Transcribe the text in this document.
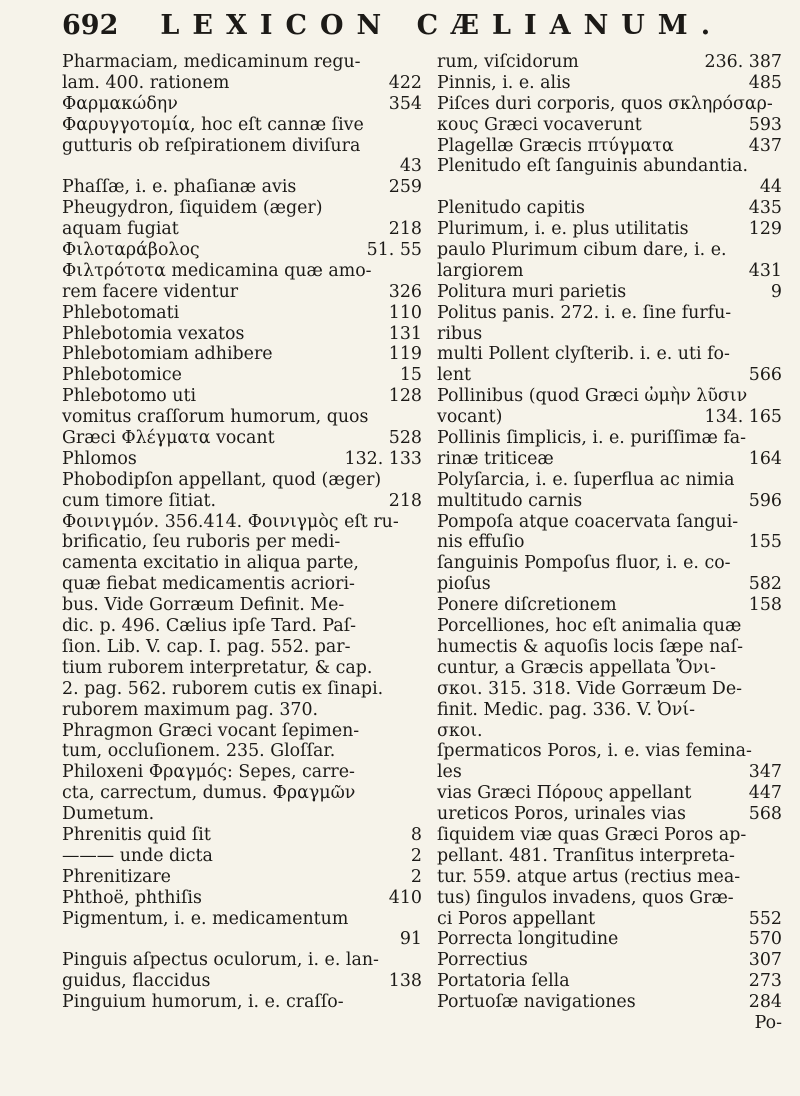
692 LEXICON CÆLIANUM.
Pharmaciam, medicaminum regu-
lam. 400. rationem	422
Φαρμακώδην	354
Φαρυγγοτομία, hoc eſt cannæ ſive
gutturis ob reſpirationem diviſura
43
Phaſſæ, i. e. phaſianæ avis	259
Pheugydron, ſiquidem (æger)
aquam fugiat	218
Φιλοταράβολος	51. 55
Φιλτρότοτα medicamina quæ amo-
rem facere videntur	326
Phlebotomati	110
Phlebotomia vexatos	131
Phlebotomiam adhibere	119
Phlebotomice	15
Phlebotomo uti	128
vomitus craſſorum humorum, quos
Græci Φλέγματα vocant	528
Phlomos	132. 133
Phobodipſon appellant, quod (æger)
cum timore ſitiat.	218
Φοινιγμόν. 356.414. Φοινιγμὸς eſt ru-
brificatio, ſeu ruboris per medi-
camenta excitatio in aliqua parte,
quæ fiebat medicamentis acriori-
bus. Vide Gorræum Definit. Me-
dic. p. 496. Cælius ipſe Tard. Paſ-
ſion. Lib. V. cap. I. pag. 552. par-
tium ruborem interpretatur, & cap.
2. pag. 562. ruborem cutis ex ſinapi.
ruborem maximum pag. 370.
Phragmon Græci vocant ſepimen-
tum, occluſionem. 235. Gloſſar.
Philoxeni Φραγμός: Sepes, carre-
cta, carrectum, dumus. Φραγμῶν
Dumetum.
Phrenitis quid ſit	8
——— unde dicta	2
Phrenitizare	2
Phthoë, phthiſis	410
Pigmentum, i. e. medicamentum
91
Pinguis aſpectus oculorum, i. e. lan-
guidus, flaccidus	138
Pinguium humorum, i. e. craſſo-
rum, viſcidorum	236. 387
Pinnis, i. e. alis	485
Piſces duri corporis, quos σκληρόσαρ-
κους Græci vocaverunt	593
Plagellæ Græcis πτύγματα	437
Plenitudo eſt ſanguinis abundantia.
44
Plenitudo capitis	435
Plurimum, i. e. plus utilitatis	129
paulo Plurimum cibum dare, i. e.
largiorem	431
Politura muri parietis	9
Politus panis. 272. i. e. ſine furfu-
ribus
multi Pollent clyſterib. i. e. uti fo-
lent	566
Pollinibus (quod Græci ὠμὴν λῦσιν
vocant)	134. 165
Pollinis ſimplicis, i. e. puriſſimæ fa-
rinæ triticeæ	164
Polyſarcia, i. e. ſuperflua ac nimia
multitudo carnis	596
Pompoſa atque coacervata ſangui-
nis effuſio	155
ſanguinis Pompoſus fluor, i. e. co-
pioſus	582
Ponere diſcretionem	158
Porcelliones, hoc eſt animalia quæ
humectis & aquoſis locis ſæpe naſ-
cuntur, a Græcis appellata Ὄνι-
σκοι. 315. 318. Vide Gorræum De-
finit. Medic. pag. 336. V. Ὀνί-
σκοι.
ſpermaticos Poros, i. e. vias femina-
les	347
vias Græci Πόρους appellant	447
ureticos Poros, urinales vias	568
ſiquidem viæ quas Græci Poros ap-
pellant. 481. Tranſitus interpreta-
tur. 559. atque artus (rectius mea-
tus) ſingulos invadens, quos Græ-
ci Poros appellant	552
Porrecta longitudine	570
Porrectius	307
Portatoria ſella	273
Portuoſæ navigationes	284
Po-
